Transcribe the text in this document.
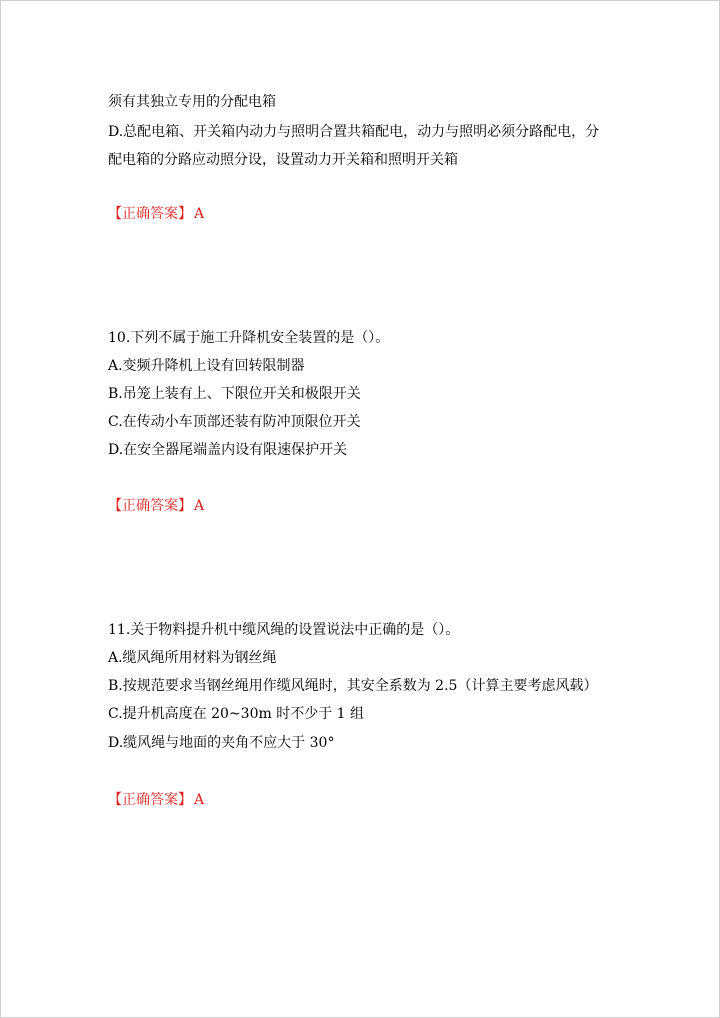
须有其独立专用的分配电箱
D.总配电箱、开关箱内动力与照明合置共箱配电，动力与照明必须分路配电，分
配电箱的分路应动照分设，设置动力开关箱和照明开关箱
【正确答案】 A
10.下列不属于施工升降机安全装置的是（）。
A.变频升降机上设有回转限制器
B.吊笼上装有上、下限位开关和极限开关
C.在传动小车顶部还装有防冲顶限位开关
D.在安全器尾端盖内设有限速保护开关
【正确答案】 A
11.关于物料提升机中缆风绳的设置说法中正确的是（）。
A.缆风绳所用材料为钢丝绳
B.按规范要求当钢丝绳用作缆风绳时，其安全系数为 2.5（计算主要考虑风载）
C.提升机高度在 20~30m 时不少于 1 组
D.缆风绳与地面的夹角不应大于 30°
【正确答案】 A
